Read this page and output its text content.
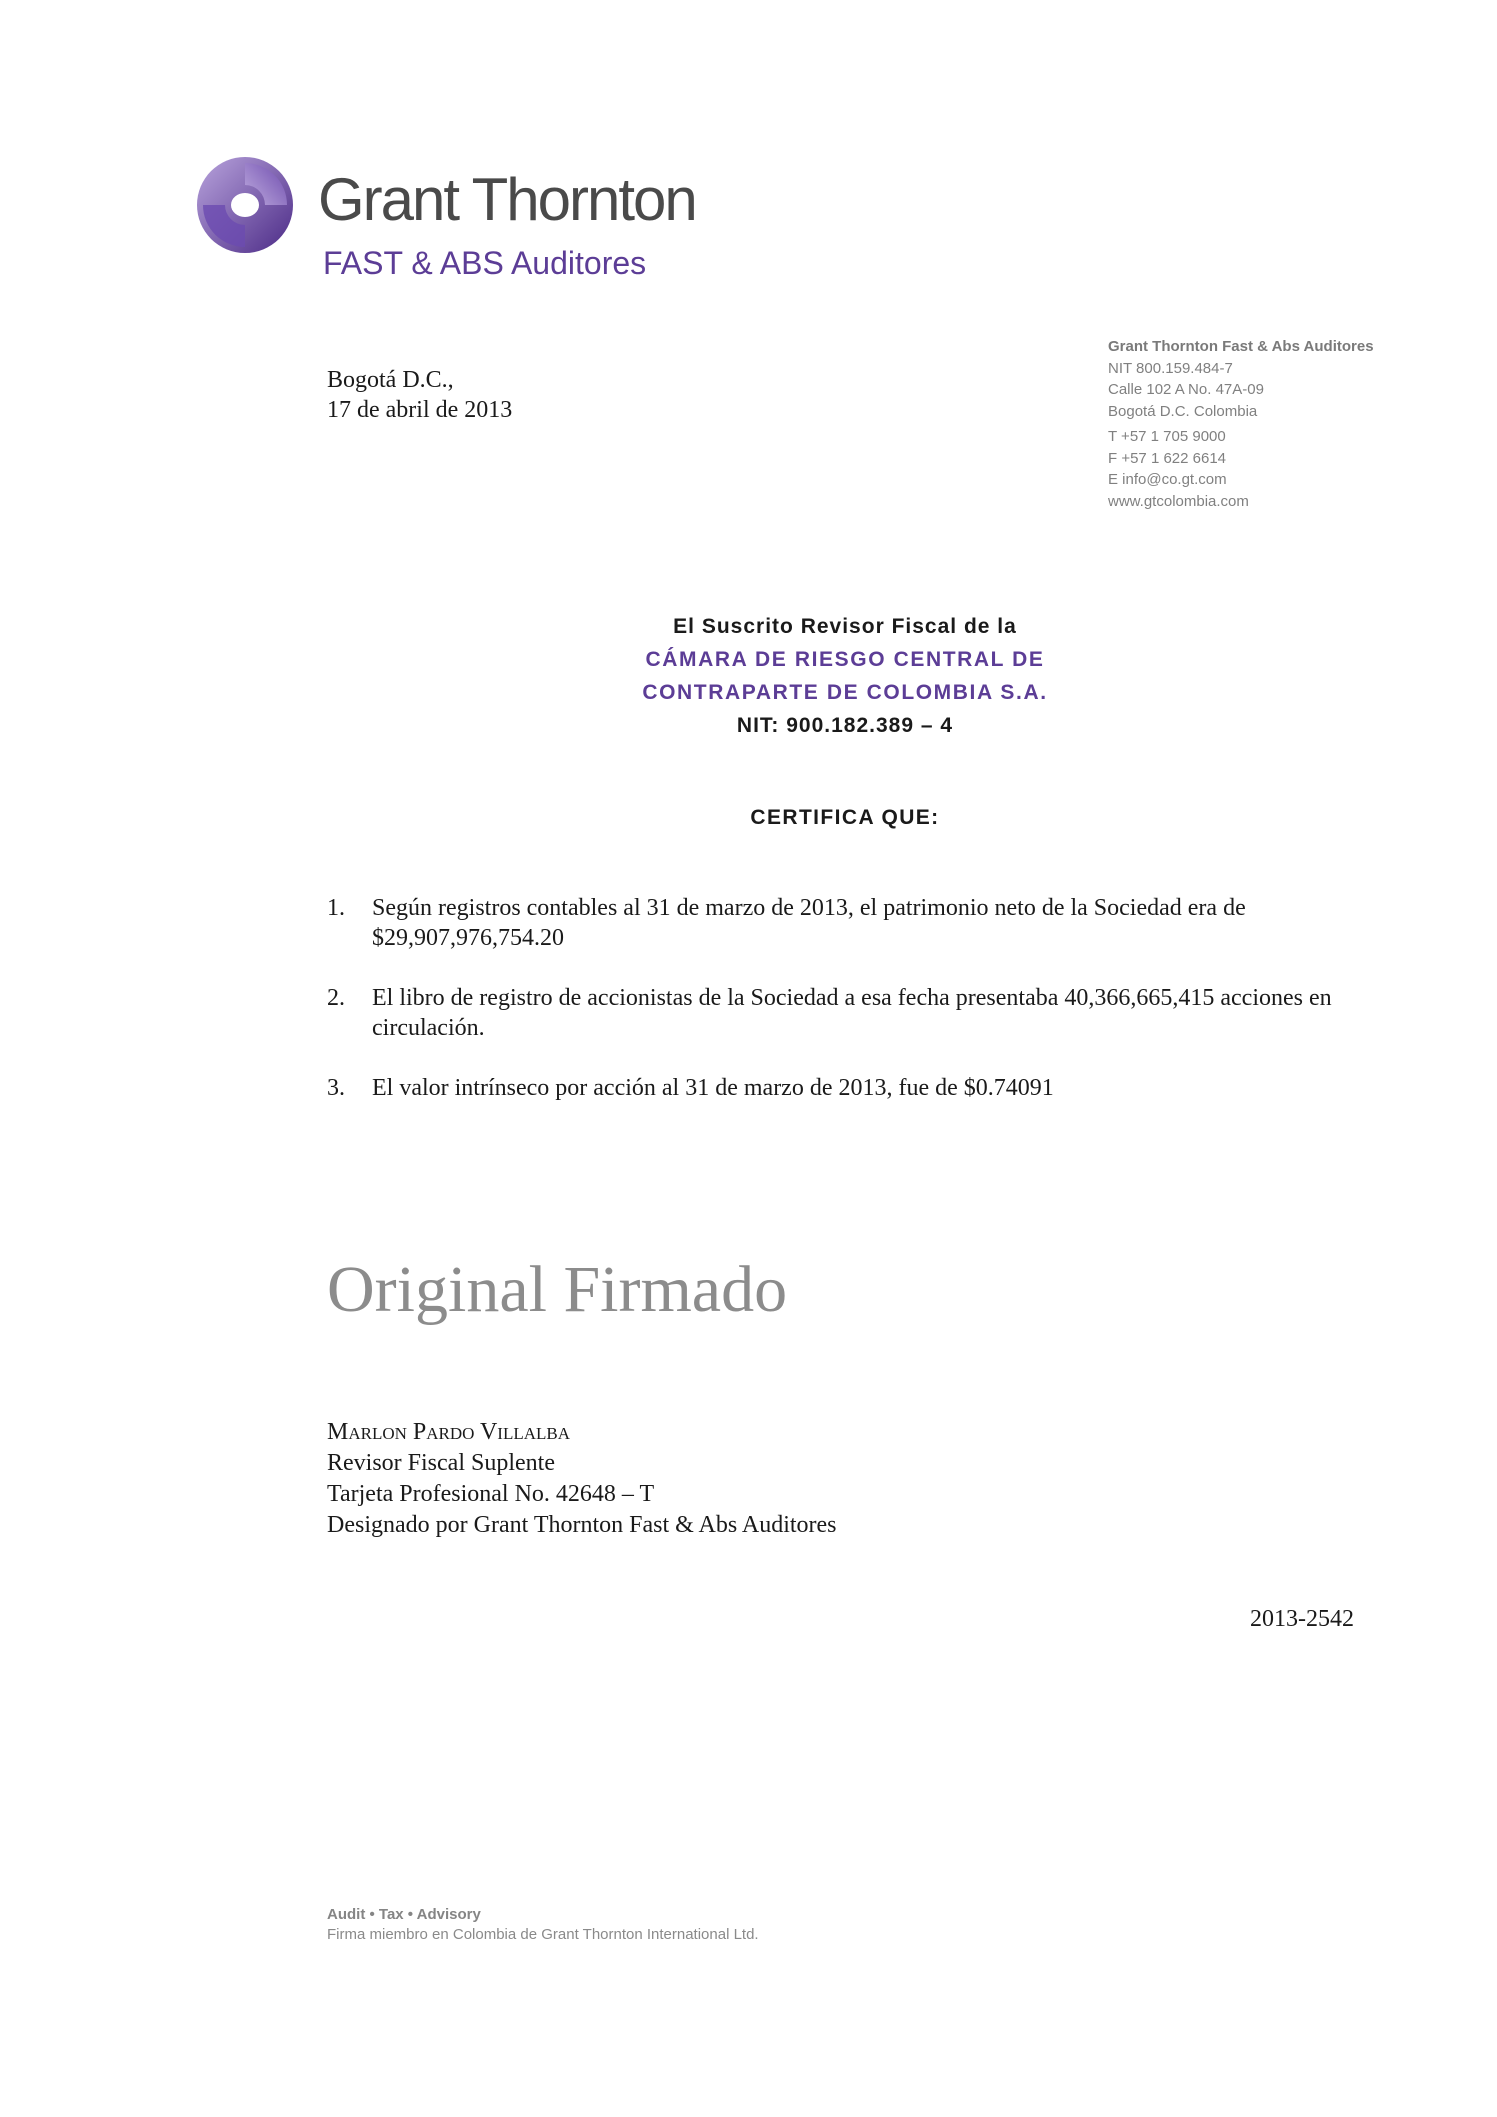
Grant Thornton
FAST & ABS Auditores
Grant Thornton Fast & Abs Auditores
NIT 800.159.484-7
Calle 102 A No. 47A-09
Bogotá D.C. Colombia
T +57 1 705 9000
F +57 1 622 6614
E info@co.gt.com
www.gtcolombia.com
Bogotá D.C.,
17 de abril de 2013
El Suscrito Revisor Fiscal de la
CÁMARA DE RIESGO CENTRAL DE
CONTRAPARTE DE COLOMBIA S.A.
NIT: 900.182.389 – 4
CERTIFICA QUE:
1.	Según registros contables al 31 de marzo de 2013, el patrimonio neto de la Sociedad era de $29,907,976,754.20
2.	El libro de registro de accionistas de la Sociedad a esa fecha presentaba 40,366,665,415 acciones en circulación.
3.	El valor intrínseco por acción al 31 de marzo de 2013, fue de $0.74091
Original Firmado
Marlon Pardo Villalba
Revisor Fiscal Suplente
Tarjeta Profesional No. 42648 – T
Designado por Grant Thornton Fast & Abs Auditores
2013-2542
Audit • Tax • Advisory
Firma miembro en Colombia de Grant Thornton International Ltd.
